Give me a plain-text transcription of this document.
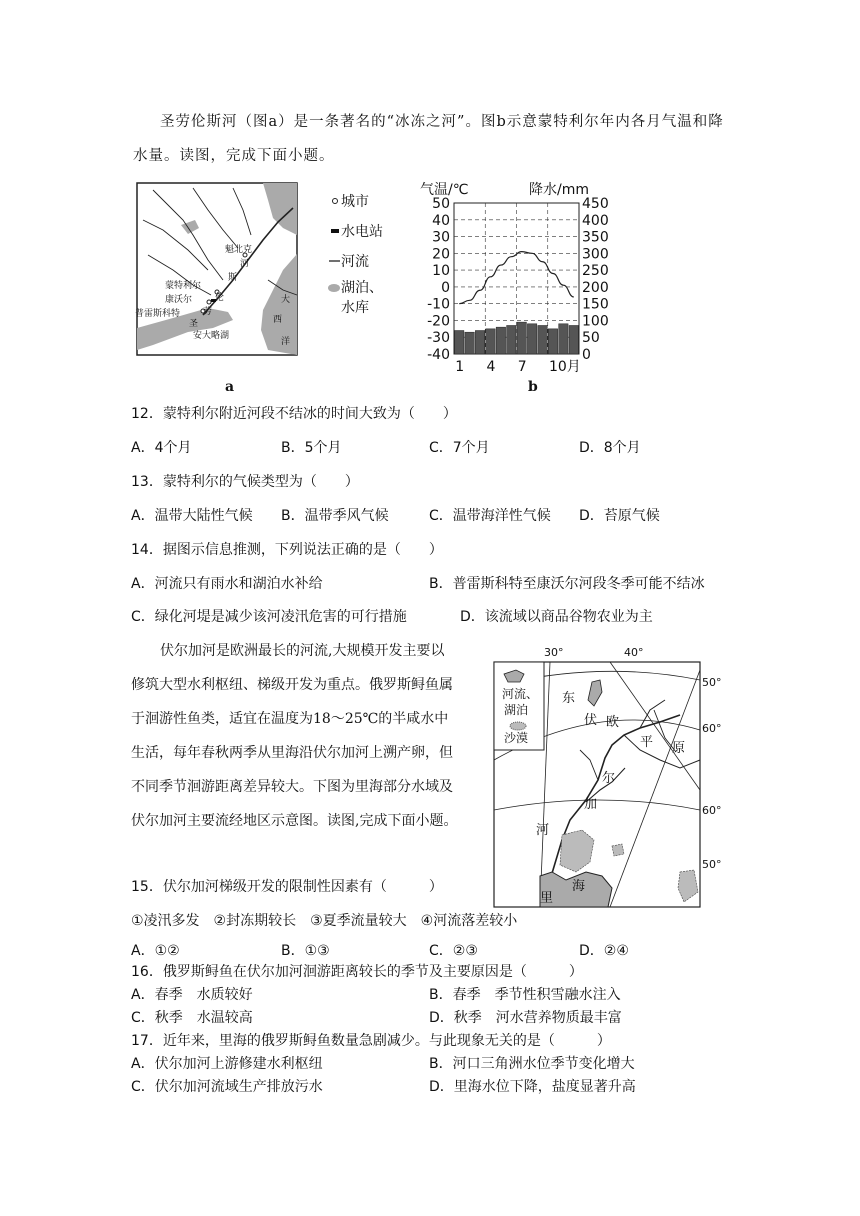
圣劳伦斯河（图a）是一条著名的“冰冻之河”。图b示意蒙特利尔年内各月气温和降
水量。读图，完成下面小题。
魁北克
蒙特利尔
康沃尔
普雷斯科特
圣
劳
伦
斯
河
安大略湖
大
西
洋
城市
水电站
河流
湖泊、
水库
a
气温/℃	降水/mm
50
40
30
20
10
0
-10
-20
-30
-40
450
400
350
300
250
200
150
100
50
0
1 4 7 10月
b
12．蒙特利尔附近河段不结冰的时间大致为（　　）
A．4个月	B．5个月	C．7个月	D．8个月
13．蒙特利尔的气候类型为（　　）
A．温带大陆性气候 B．温带季风气候	C．温带海洋性气候 D．苔原气候
14．据图示信息推测，下列说法正确的是（　　）
A．河流只有雨水和湖泊水补给	B．普雷斯科特至康沃尔河段冬季可能不结冰
C．绿化河堤是减少该河凌汛危害的可行措施	D．该流域以商品谷物农业为主
伏尔加河是欧洲最长的河流,大规模开发主要以
修筑大型水利枢纽、梯级开发为重点。俄罗斯鲟鱼属
于洄游性鱼类，适宜在温度为18～25℃的半咸水中
生活，每年春秋两季从里海沿伏尔加河上溯产卵，但
不同季节洄游距离差异较大。下图为里海部分水域及
伏尔加河主要流经地区示意图。读图,完成下面小题。
河流、
湖泊
沙漠
30°	40°
50°
60°
60°
50°
东
欧
平 原
伏
尔
加
河
里
海
15．伏尔加河梯级开发的限制性因素有（　　　）
①凌汛多发　②封冻期较长　③夏季流量较大　④河流落差较小
A．①②	B．①③	C．②③	D．②④
16．俄罗斯鲟鱼在伏尔加河洄游距离较长的季节及主要原因是（　　　）
A．春季　水质较好	B．春季　季节性积雪融水注入
C．秋季　水温较高	D．秋季　河水营养物质最丰富
17．近年来，里海的俄罗斯鲟鱼数量急剧减少。与此现象无关的是（　　　）
A．伏尔加河上游修建水利枢纽	B．河口三角洲水位季节变化增大
C．伏尔加河流域生产排放污水	D．里海水位下降，盐度显著升高
